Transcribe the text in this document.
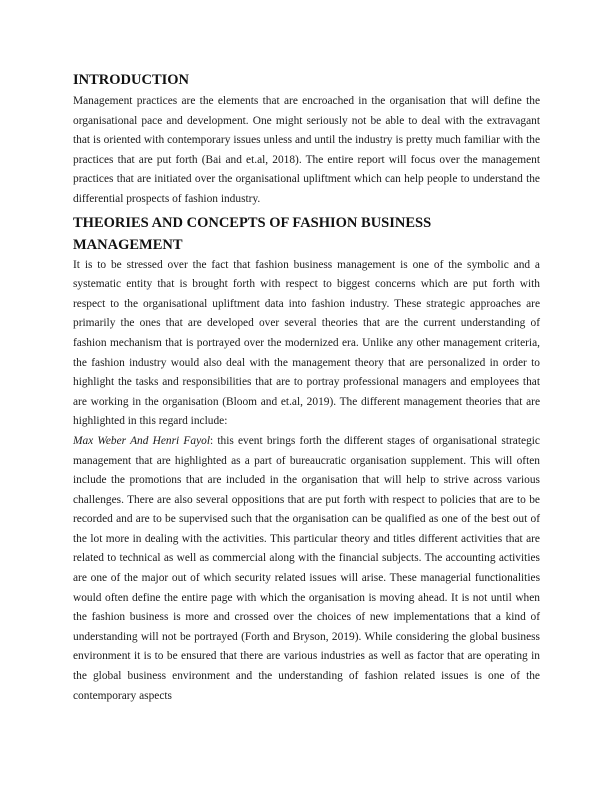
INTRODUCTION

Management practices are the elements that are encroached in the organisation that will define the organisational pace and development. One might seriously not be able to deal with the extravagant that is oriented with contemporary issues unless and until the industry is pretty much familiar with the practices that are put forth (Bai and et.al, 2018). The entire report will focus over the management practices that are initiated over the organisational upliftment which can help people to understand the differential prospects of fashion industry.

THEORIES AND CONCEPTS OF FASHION BUSINESS MANAGEMENT

It is to be stressed over the fact that fashion business management is one of the symbolic and a systematic entity that is brought forth with respect to biggest concerns which are put forth with respect to the organisational upliftment data into fashion industry. These strategic approaches are primarily the ones that are developed over several theories that are the current understanding of fashion mechanism that is portrayed over the modernized era. Unlike any other management criteria, the fashion industry would also deal with the management theory that are personalized in order to highlight the tasks and responsibilities that are to portray professional managers and employees that are working in the organisation (Bloom and et.al, 2019). The different management theories that are highlighted in this regard include:

Max Weber And Henri Fayol: this event brings forth the different stages of organisational strategic management that are highlighted as a part of bureaucratic organisation supplement. This will often include the promotions that are included in the organisation that will help to strive across various challenges. There are also several oppositions that are put forth with respect to policies that are to be recorded and are to be supervised such that the organisation can be qualified as one of the best out of the lot more in dealing with the activities. This particular theory and titles different activities that are related to technical as well as commercial along with the financial subjects. The accounting activities are one of the major out of which security related issues will arise. These managerial functionalities would often define the entire page with which the organisation is moving ahead. It is not until when the fashion business is more and crossed over the choices of new implementations that a kind of understanding will not be portrayed (Forth and Bryson, 2019). While considering the global business environment it is to be ensured that there are various industries as well as factor that are operating in the global business environment and the understanding of fashion related issues is one of the contemporary aspects
